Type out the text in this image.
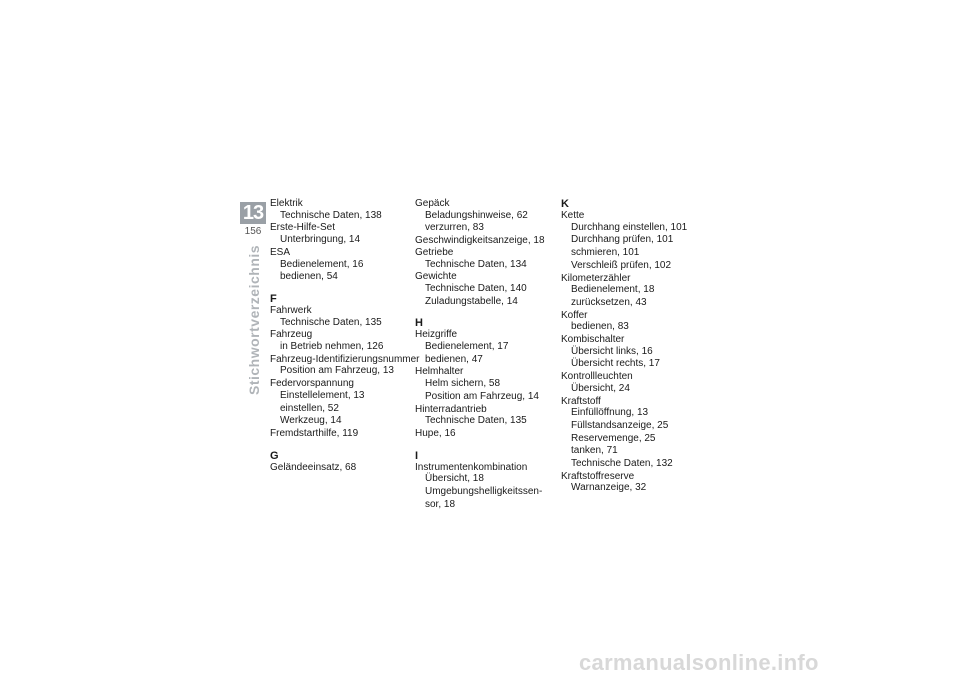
13
156
Stichwortverzeichnis
Elektrik
Technische Daten, 138
Erste-Hilfe-Set
Unterbringung, 14
ESA
Bedienelement, 16
bedienen, 54
F
Fahrwerk
Technische Daten, 135
Fahrzeug
in Betrieb nehmen, 126
Fahrzeug-Identifizierungsnummer
Position am Fahrzeug, 13
Federvorspannung
Einstellelement, 13
einstellen, 52
Werkzeug, 14
Fremdstarthilfe, 119
G
Geländeeinsatz, 68
Gepäck
Beladungshinweise, 62
verzurren, 83
Geschwindigkeitsanzeige, 18
Getriebe
Technische Daten, 134
Gewichte
Technische Daten, 140
Zuladungstabelle, 14
H
Heizgriffe
Bedienelement, 17
bedienen, 47
Helmhalter
Helm sichern, 58
Position am Fahrzeug, 14
Hinterradantrieb
Technische Daten, 135
Hupe, 16
I
Instrumentenkombination
Übersicht, 18
Umgebungshelligkeitssen-
sor, 18
K
Kette
Durchhang einstellen, 101
Durchhang prüfen, 101
schmieren, 101
Verschleiß prüfen, 102
Kilometerzähler
Bedienelement, 18
zurücksetzen, 43
Koffer
bedienen, 83
Kombischalter
Übersicht links, 16
Übersicht rechts, 17
Kontrollleuchten
Übersicht, 24
Kraftstoff
Einfüllöffnung, 13
Füllstandsanzeige, 25
Reservemenge, 25
tanken, 71
Technische Daten, 132
Kraftstoffreserve
Warnanzeige, 32
carmanualsonline.info
